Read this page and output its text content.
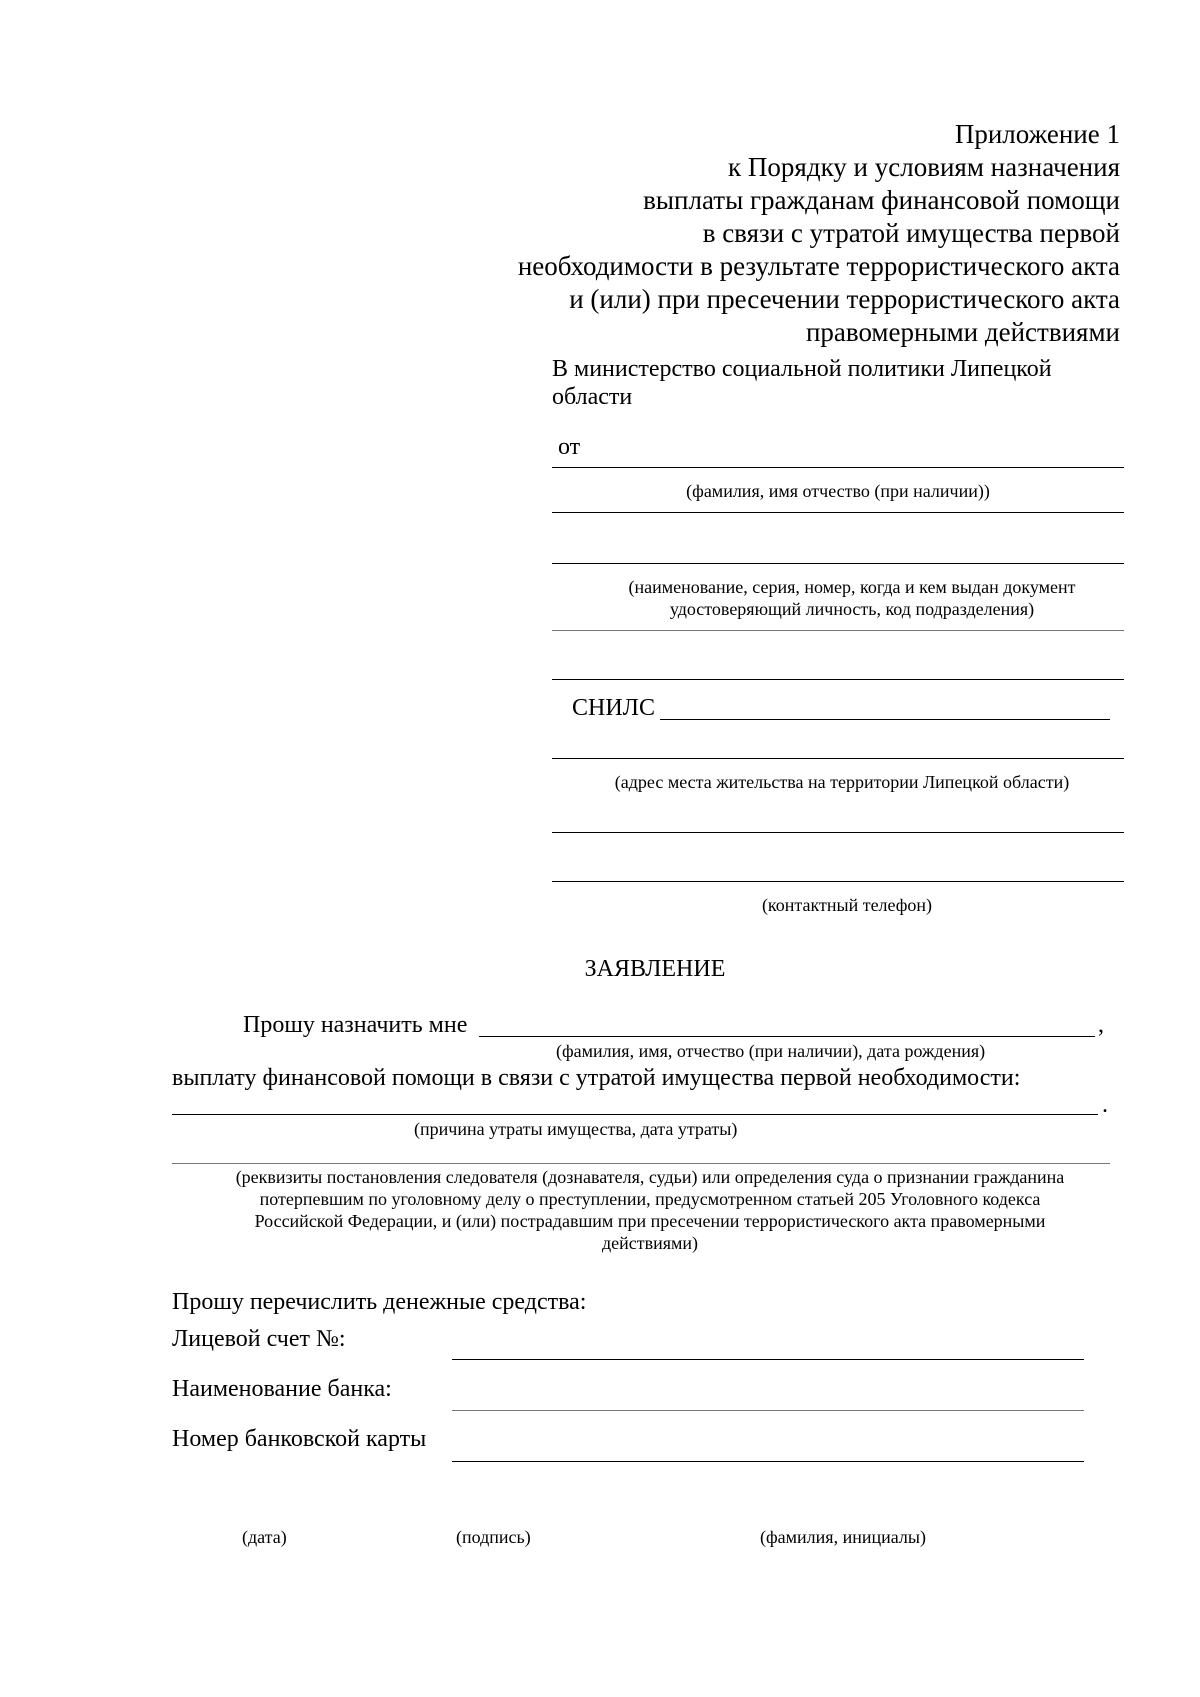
Приложение 1
к Порядку и условиям назначения
выплаты гражданам финансовой помощи
в связи с утратой имущества первой
необходимости в результате террористического акта
и (или) при пресечении террористического акта
правомерными действиями
В министерство социальной политики Липецкой
области
от
(фамилия, имя отчество (при наличии))
(наименование, серия, номер, когда и кем выдан документ
удостоверяющий личность, код подразделения)
СНИЛС
(адрес места жительства на территории Липецкой области)
(контактный телефон)
ЗАЯВЛЕНИЕ
Прошу назначить мне	,
(фамилия, имя, отчество (при наличии), дата рождения)
выплату финансовой помощи в связи с утратой имущества первой необходимости:
.
(причина утраты имущества, дата утраты)
(реквизиты постановления следователя (дознавателя, судьи) или определения суда о признании гражданина
потерпевшим по уголовному делу о преступлении, предусмотренном статьей 205 Уголовного кодекса
Российской Федерации, и (или) пострадавшим при пресечении террористического акта правомерными
действиями)
Прошу перечислить денежные средства:
Лицевой счет №:
Наименование банка:
Номер банковской карты
(дата)	(подпись)	(фамилия, инициалы)
